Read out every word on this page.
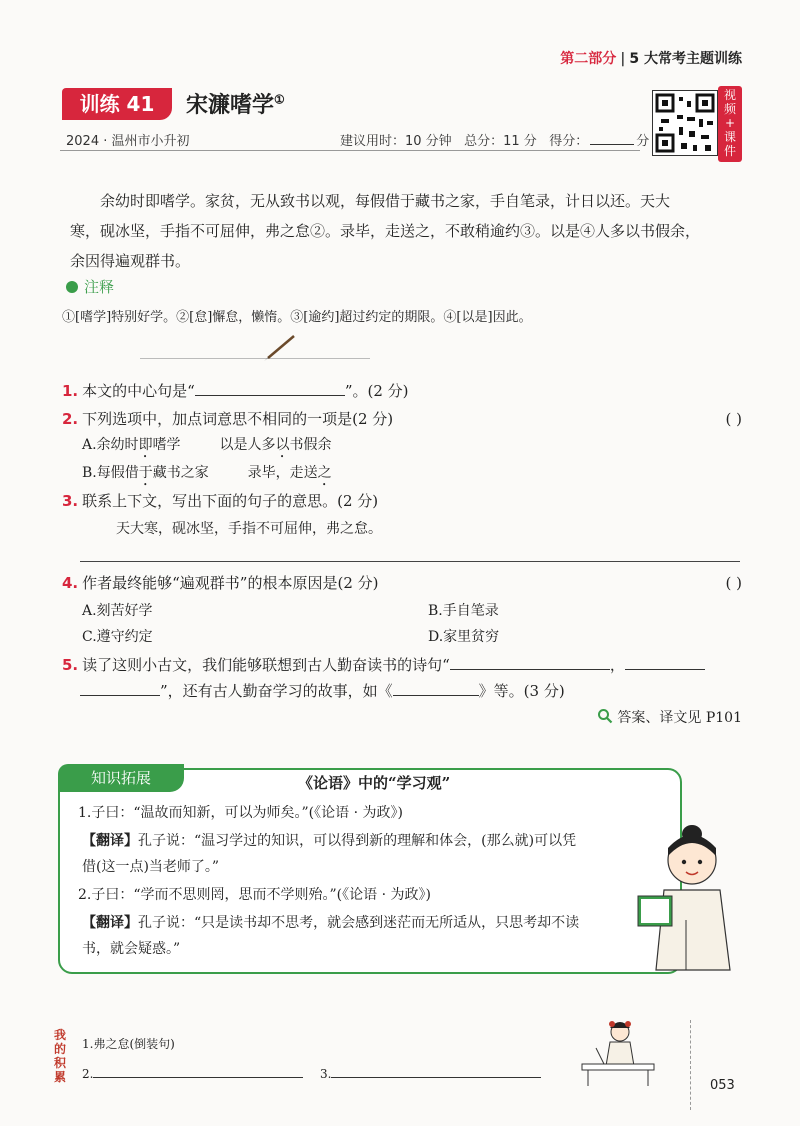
第二部分 | 5 大常考主题训练
训练 41	宋濂嗜学①
2024 · 温州市小升初	建议用时：10 分钟 总分：11 分 得分：	分
视
频
+
课
件
余幼时即嗜学。家贫，无从致书以观，每假借于藏书之家，手自笔录，计日以还。天大
寒，砚冰坚，手指不可屈伸，弗之怠②。录毕，走送之，不敢稍逾约③。以是④人多以书假余，
余因得遍观群书。
注释
①[嗜学]特别好学。②[怠]懈怠，懒惰。③[逾约]超过约定的期限。④[以是]因此。
1. 本文的中心句是“	”。(2 分)
2. 下列选项中，加点词意思不相同的一项是(2 分)	( )
A.余幼时即嗜学	以是人多以书假余
B.每假借于藏书之家	录毕，走送之
3. 联系上下文，写出下面的句子的意思。(2 分)
天大寒，砚冰坚，手指不可屈伸，弗之怠。
4. 作者最终能够“遍观群书”的根本原因是(2 分)	( )
A.刻苦好学	B.手自笔录
C.遵守约定	D.家里贫穷
5. 读了这则小古文，我们能够联想到古人勤奋读书的诗句“	，
”，还有古人勤奋学习的故事，如《	》等。(3 分)
答案、译文见 P101
知识拓展	《论语》中的“学习观”
1.子曰：“温故而知新，可以为师矣。”(《论语 · 为政》)
【翻译】孔子说：“温习学过的知识，可以得到新的理解和体会，(那么就)可以凭
借(这一点)当老师了。”
2.子曰：“学而不思则罔，思而不学则殆。”(《论语 · 为政》)
【翻译】孔子说：“只是读书却不思考，就会感到迷茫而无所适从，只思考却不读
书，就会疑惑。”
我
的
积
累
1.弗之怠(倒装句)
2.	3.
053
